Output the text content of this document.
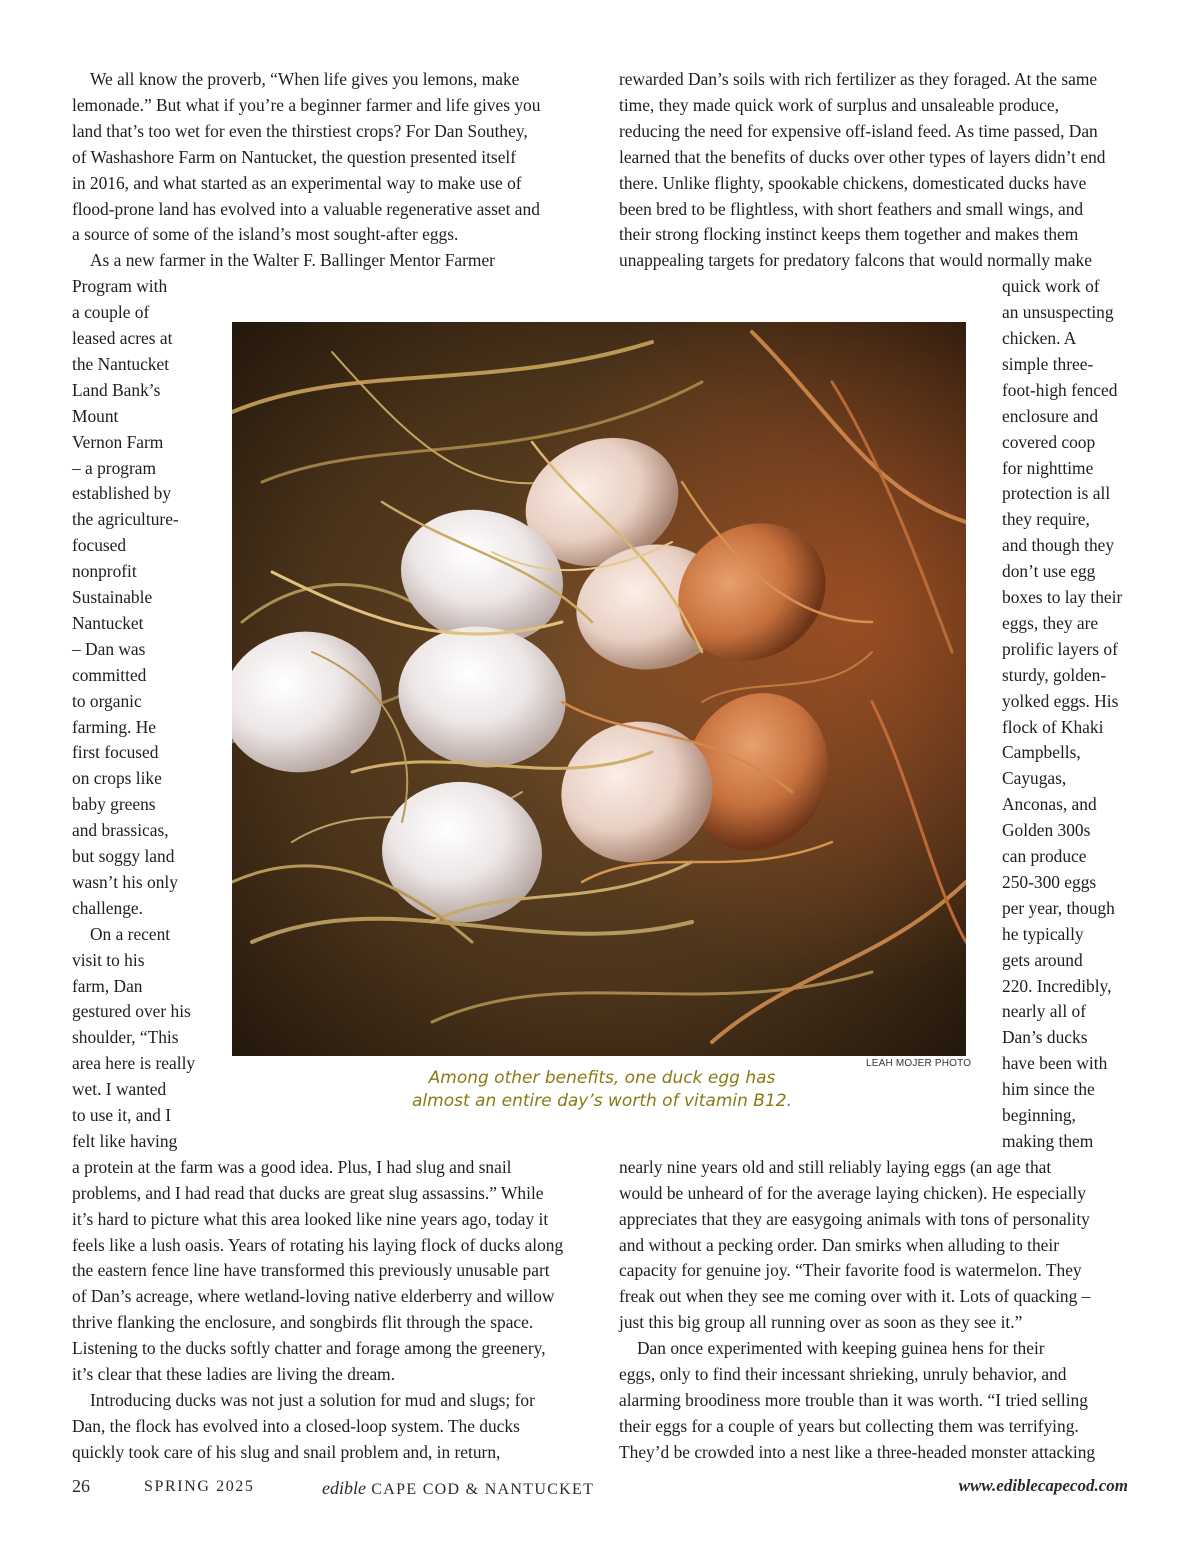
We all know the proverb, “When life gives you lemons, make
lemonade.” But what if you’re a beginner farmer and life gives you
land that’s too wet for even the thirstiest crops? For Dan Southey,
of Washashore Farm on Nantucket, the question presented itself
in 2016, and what started as an experimental way to make use of
flood-prone land has evolved into a valuable regenerative asset and
a source of some of the island’s most sought-after eggs.
As a new farmer in the Walter F. Ballinger Mentor Farmer
Program with
a couple of
leased acres at
the Nantucket
Land Bank’s
Mount
Vernon Farm
– a program
established by
the agriculture-
focused
nonprofit
Sustainable
Nantucket
– Dan was
committed
to organic
farming. He
first focused
on crops like
baby greens
and brassicas,
but soggy land
wasn’t his only
challenge.
On a recent
visit to his
farm, Dan
gestured over his
shoulder, “This
area here is really
wet. I wanted
to use it, and I
felt like having
a protein at the farm was a good idea. Plus, I had slug and snail
problems, and I had read that ducks are great slug assassins.” While
it’s hard to picture what this area looked like nine years ago, today it
feels like a lush oasis. Years of rotating his laying flock of ducks along
the eastern fence line have transformed this previously unusable part
of Dan’s acreage, where wetland-loving native elderberry and willow
thrive flanking the enclosure, and songbirds flit through the space.
Listening to the ducks softly chatter and forage among the greenery,
it’s clear that these ladies are living the dream.
Introducing ducks was not just a solution for mud and slugs; for
Dan, the flock has evolved into a closed-loop system. The ducks
quickly took care of his slug and snail problem and, in return,
rewarded Dan’s soils with rich fertilizer as they foraged. At the same
time, they made quick work of surplus and unsaleable produce,
reducing the need for expensive off-island feed. As time passed, Dan
learned that the benefits of ducks over other types of layers didn’t end
there. Unlike flighty, spookable chickens, domesticated ducks have
been bred to be flightless, with short feathers and small wings, and
their strong flocking instinct keeps them together and makes them
unappealing targets for predatory falcons that would normally make
quick work of
an unsuspecting
chicken. A
simple three-
foot-high fenced
enclosure and
covered coop
for nighttime
protection is all
they require,
and though they
don’t use egg
boxes to lay their
eggs, they are
prolific layers of
sturdy, golden-
yolked eggs. His
flock of Khaki
Campbells,
Cayugas,
Anconas, and
Golden 300s
can produce
250-300 eggs
per year, though
he typically
gets around
220. Incredibly,
nearly all of
Dan’s ducks
have been with
him since the
beginning,
making them
nearly nine years old and still reliably laying eggs (an age that
would be unheard of for the average laying chicken). He especially
appreciates that they are easygoing animals with tons of personality
and without a pecking order. Dan smirks when alluding to their
capacity for genuine joy. “Their favorite food is watermelon. They
freak out when they see me coming over with it. Lots of quacking –
just this big group all running over as soon as they see it.”
Dan once experimented with keeping guinea hens for their
eggs, only to find their incessant shrieking, unruly behavior, and
alarming broodiness more trouble than it was worth. “I tried selling
their eggs for a couple of years but collecting them was terrifying.
They’d be crowded into a nest like a three-headed monster attacking
LEAH MOJER PHOTO
Among other benefits, one duck egg has
almost an entire day’s worth of vitamin B12.
26	SPRING 2025	edible CAPE COD & NANTUCKET	www.ediblecapecod.com
